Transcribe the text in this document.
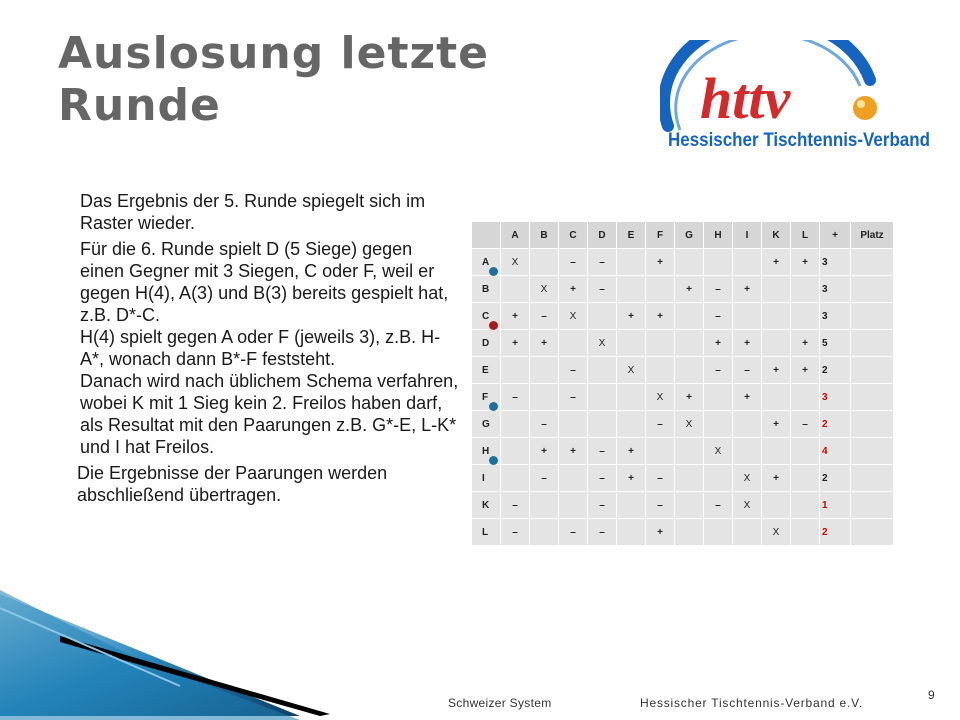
Auslosung letzte Runde	httv
Hessischer Tischtennis-Verband

Das Ergebnis der 5. Runde spiegelt sich im Raster wieder.

Für die 6. Runde spielt D (5 Siege) gegen einen Gegner mit 3 Siegen, C oder F, weil er gegen H(4), A(3) und B(3) bereits gespielt hat, z.B. D*-C.

H(4) spielt gegen A oder F (jeweils 3), z.B. H-A*, wonach dann B*-F feststeht.

Danach wird nach üblichem Schema verfahren, wobei K mit 1 Sieg kein 2. Freilos haben darf, als Resultat mit den Paarungen z.B. G*-E, L-K* und I hat Freilos.

Die Ergebnisse der Paarungen werden abschließend übertragen.

	A	B	C	D	E	F	G	H	I	K	L	+	Platz
A	X		–	–		+				+	+	3	
B		X	+	–			+	–	+			3	
C	+	–	X		+	+		–				3	
D	+	+		X				+	+		+	5	
E			–		X			–	–	+	+	2	
F	–		–			X	+		+			3	
G		–				–	X			+	–	2	
H		+	+	–	+			X				4	
I		–		–	+	–			X	+		2	
K	–			–		–		–	X			1	
L	–		–	–		+				X		2	
Schweizer System	Hessischer Tischtennis-Verband e.V.
9
